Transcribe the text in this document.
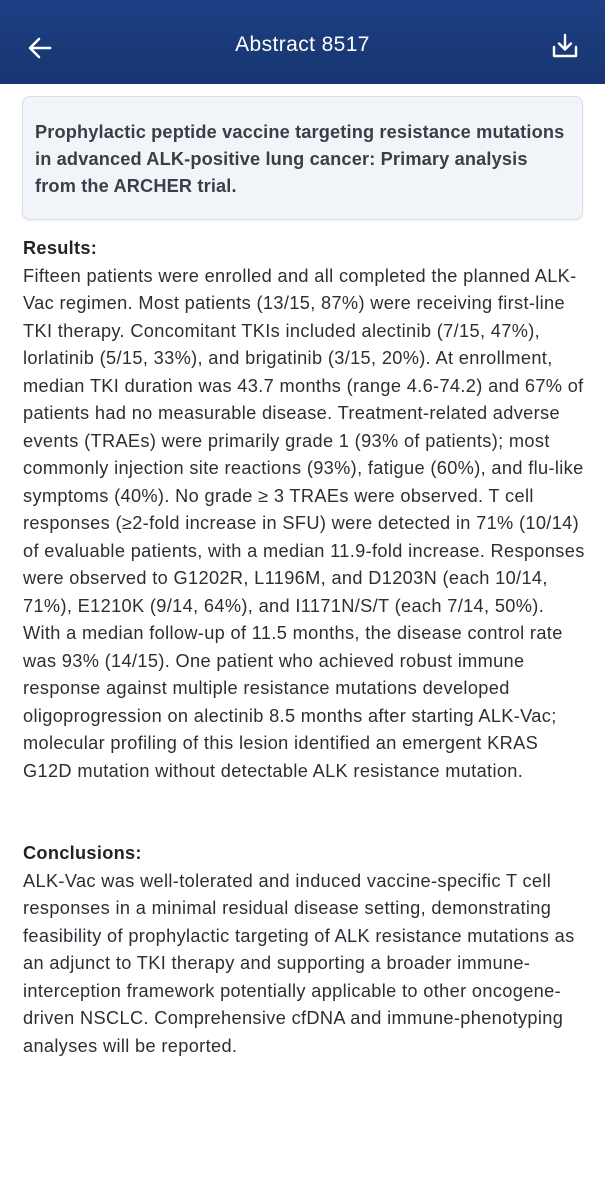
Abstract 8517

Prophylactic peptide vaccine targeting resistance mutations in advanced ALK-positive lung cancer: Primary analysis from the ARCHER trial.

Results:

Fifteen patients were enrolled and all completed the planned ALK-Vac regimen. Most patients (13/15, 87%) were receiving first-line TKI therapy. Concomitant TKIs included alectinib (7/15, 47%), lorlatinib (5/15, 33%), and brigatinib (3/15, 20%). At enrollment, median TKI duration was 43.7 months (range 4.6-74.2) and 67% of patients had no measurable disease. Treatment-related adverse events (TRAEs) were primarily grade 1 (93% of patients); most commonly injection site reactions (93%), fatigue (60%), and flu-like symptoms (40%). No grade ≥ 3 TRAEs were observed. T cell responses (≥2-fold increase in SFU) were detected in 71% (10/14) of evaluable patients, with a median 11.9-fold increase. Responses were observed to G1202R, L1196M, and D1203N (each 10/14, 71%), E1210K (9/14, 64%), and I1171N/S/T (each 7/14, 50%). With a median follow-up of 11.5 months, the disease control rate was 93% (14/15). One patient who achieved robust immune response against multiple resistance mutations developed oligoprogression on alectinib 8.5 months after starting ALK-Vac; molecular profiling of this lesion identified an emergent KRAS G12D mutation without detectable ALK resistance mutation.

Conclusions:

ALK-Vac was well-tolerated and induced vaccine-specific T cell responses in a minimal residual disease setting, demonstrating feasibility of prophylactic targeting of ALK resistance mutations as an adjunct to TKI therapy and supporting a broader immune-interception framework potentially applicable to other oncogene-driven NSCLC. Comprehensive cfDNA and immune-phenotyping analyses will be reported.
